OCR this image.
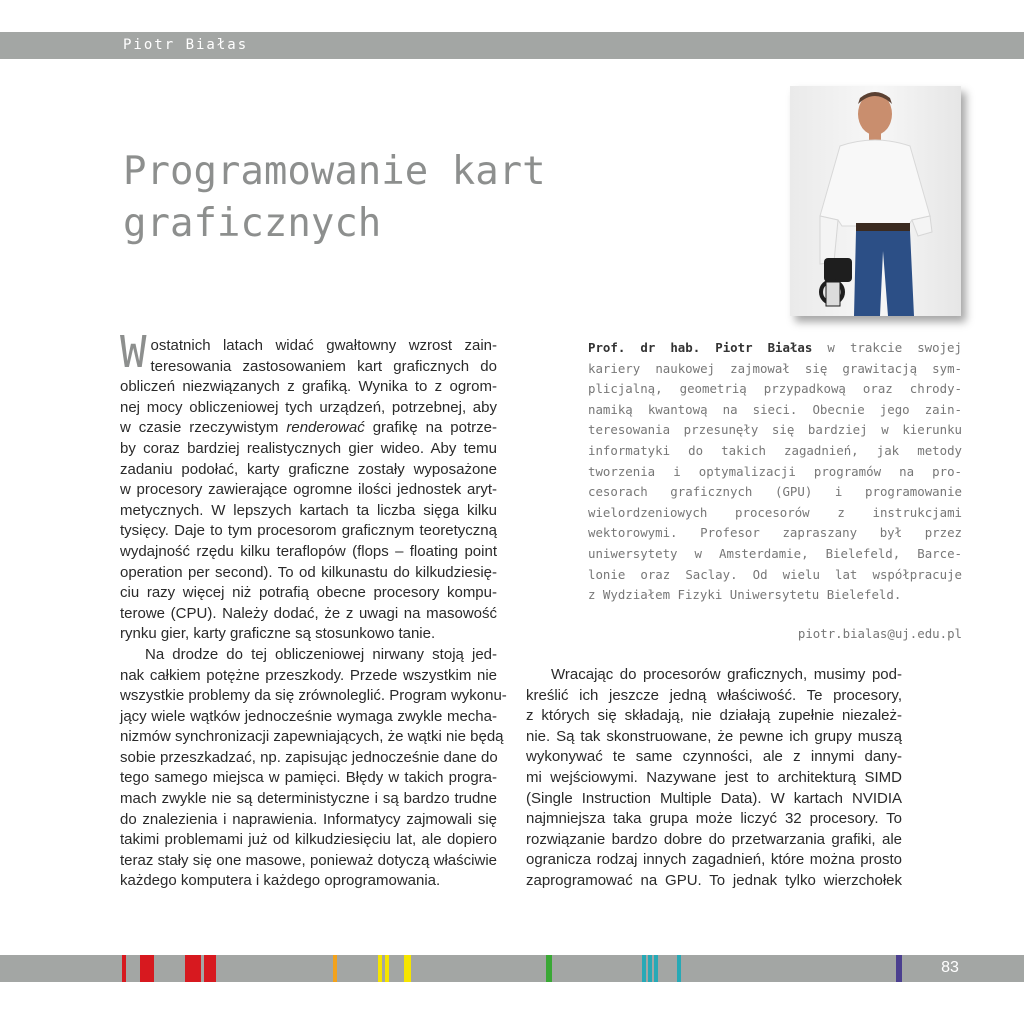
Piotr Białas
Programowanie kart
graficznych
W ostatnich latach widać gwałtowny wzrost zain-
teresowania zastosowaniem kart graficznych do
obliczeń niezwiązanych z grafiką. Wynika to z ogrom-
nej mocy obliczeniowej tych urządzeń, potrzebnej, aby
w czasie rzeczywistym renderować grafikę na potrze-
by coraz bardziej realistycznych gier wideo. Aby temu
zadaniu podołać, karty graficzne zostały wyposażone
w procesory zawierające ogromne ilości jednostek aryt-
metycznych. W lepszych kartach ta liczba sięga kilku
tysięcy. Daje to tym procesorom graficznym teoretyczną
wydajność rzędu kilku teraflopów (flops – floating point
operation per second). To od kilkunastu do kilkudziesię-
ciu razy więcej niż potrafią obecne procesory kompu-
terowe (CPU). Należy dodać, że z uwagi na masowość
rynku gier, karty graficzne są stosunkowo tanie.
Na drodze do tej obliczeniowej nirwany stoją jed-
nak całkiem potężne przeszkody. Przede wszystkim nie
wszystkie problemy da się zrównoleglić. Program wykonu-
jący wiele wątków jednocześnie wymaga zwykle mecha-
nizmów synchronizacji zapewniających, że wątki nie będą
sobie przeszkadzać, np. zapisując jednocześnie dane do
tego samego miejsca w pamięci. Błędy w takich progra-
mach zwykle nie są deterministyczne i są bardzo trudne
do znalezienia i naprawienia. Informatycy zajmowali się
takimi problemami już od kilkudziesięciu lat, ale dopiero
teraz stały się one masowe, ponieważ dotyczą właściwie
każdego komputera i każdego oprogramowania.
Prof. dr hab. Piotr Białas w trakcie swojej
kariery naukowej zajmował się grawitacją sym-
plicjalną, geometrią przypadkową oraz chrody-
namiką kwantową na sieci. Obecnie jego zain-
teresowania przesunęły się bardziej w kierunku
informatyki do takich zagadnień, jak metody
tworzenia i optymalizacji programów na pro-
cesorach graficznych (GPU) i programowanie
wielordzeniowych procesorów z instrukcjami
wektorowymi. Profesor zapraszany był przez
uniwersytety w Amsterdamie, Bielefeld, Barce-
lonie oraz Saclay. Od wielu lat współpracuje
z Wydziałem Fizyki Uniwersytetu Bielefeld.
piotr.bialas@uj.edu.pl
Wracając do procesorów graficznych, musimy pod-
kreślić ich jeszcze jedną właściwość. Te procesory,
z których się składają, nie działają zupełnie niezależ-
nie. Są tak skonstruowane, że pewne ich grupy muszą
wykonywać te same czynności, ale z innymi dany-
mi wejściowymi. Nazywane jest to architekturą SIMD
(Single Instruction Multiple Data). W kartach NVIDIA
najmniejsza taka grupa może liczyć 32 procesory. To
rozwiązanie bardzo dobre do przetwarzania grafiki, ale
ogranicza rodzaj innych zagadnień, które można prosto
zaprogramować na GPU. To jednak tylko wierzchołek
83
